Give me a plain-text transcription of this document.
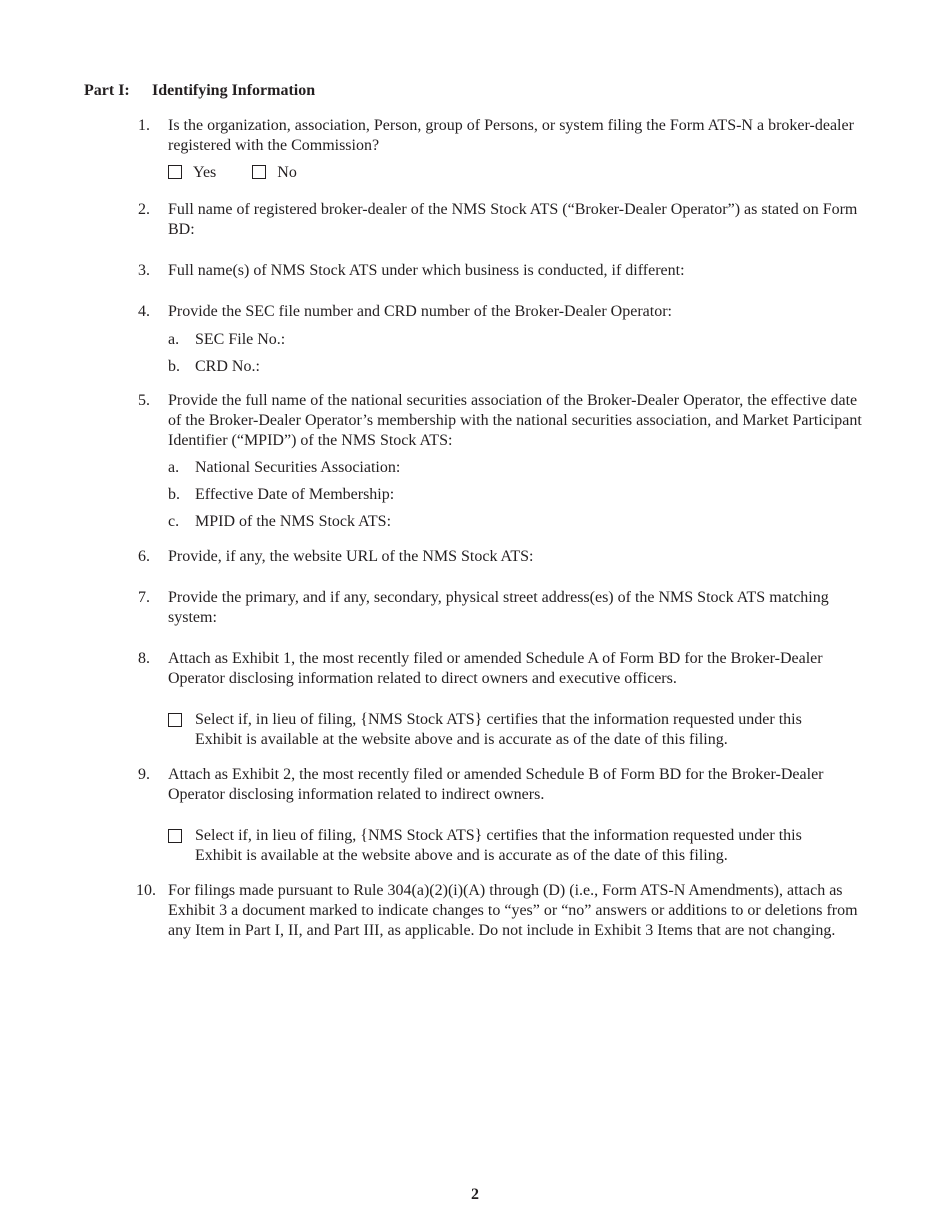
Part I: Identifying Information
1.	Is the organization, association, Person, group of Persons, or system filing the Form ATS-N a broker-dealer registered with the Commission?
Yes	No
2.	Full name of registered broker-dealer of the NMS Stock ATS (“Broker-Dealer Operator”) as stated on Form BD:
3.	Full name(s) of NMS Stock ATS under which business is conducted, if different:
4.	Provide the SEC file number and CRD number of the Broker-Dealer Operator:
a. SEC File No.:
b. CRD No.:
5.	Provide the full name of the national securities association of the Broker-Dealer Operator, the effective date of the Broker-Dealer Operator’s membership with the national securities association, and Market Participant Identifier (“MPID”) of the NMS Stock ATS:
a. National Securities Association:
b. Effective Date of Membership:
c. MPID of the NMS Stock ATS:
6.	Provide, if any, the website URL of the NMS Stock ATS:
7.	Provide the primary, and if any, secondary, physical street address(es) of the NMS Stock ATS matching system:
8.	Attach as Exhibit 1, the most recently filed or amended Schedule A of Form BD for the Broker-Dealer Operator disclosing information related to direct owners and executive officers.
Select if, in lieu of filing, {NMS Stock ATS} certifies that the information requested under this Exhibit is available at the website above and is accurate as of the date of this filing.
9.	Attach as Exhibit 2, the most recently filed or amended Schedule B of Form BD for the Broker-Dealer Operator disclosing information related to indirect owners.
Select if, in lieu of filing, {NMS Stock ATS} certifies that the information requested under this Exhibit is available at the website above and is accurate as of the date of this filing.
10. For filings made pursuant to Rule 304(a)(2)(i)(A) through (D) (i.e., Form ATS-N Amendments), attach as Exhibit 3 a document marked to indicate changes to “yes” or “no” answers or additions to or deletions from any Item in Part I, II, and Part III, as applicable. Do not include in Exhibit 3 Items that are not changing.
2
